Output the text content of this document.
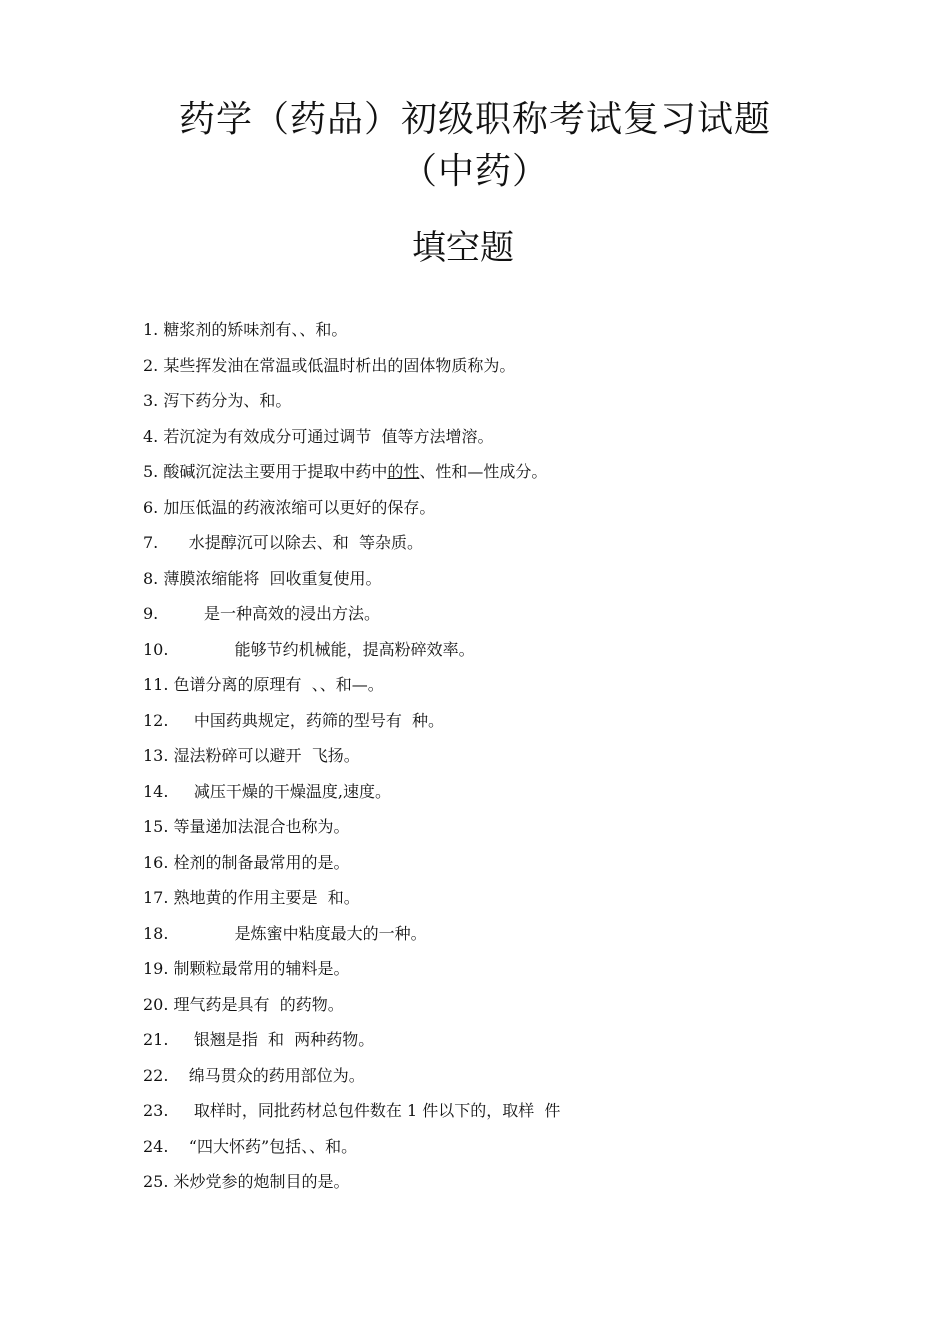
药学（药品）初级职称考试复习试题
（中药）
填空题
1. 糖浆剂的矫味剂有、、和。
2. 某些挥发油在常温或低温时析出的固体物质称为。
3. 泻下药分为、和。
4. 若沉淀为有效成分可通过调节  值等方法增溶。
5. 酸碱沉淀法主要用于提取中药中的性、性和—性成分。
6. 加压低温的药液浓缩可以更好的保存。
7. 水提醇沉可以除去、和  等杂质。
8. 薄膜浓缩能将  回收重复使用。
9. 是一种高效的浸出方法。
10. 能够节约机械能，提高粉碎效率。
11. 色谱分离的原理有  、、和—。
12. 中国药典规定，药筛的型号有  种。
13. 湿法粉碎可以避开  飞扬。
14. 减压干燥的干燥温度,速度。
15. 等量递加法混合也称为。
16. 栓剂的制备最常用的是。
17. 熟地黄的作用主要是  和。
18. 是炼蜜中粘度最大的一种。
19. 制颗粒最常用的辅料是。
20. 理气药是具有  的药物。
21. 银翘是指  和  两种药物。
22. 绵马贯众的药用部位为。
23. 取样时，同批药材总包件数在 1 件以下的，取样  件
24. “四大怀药”包括、、和。
25. 米炒党参的炮制目的是。
